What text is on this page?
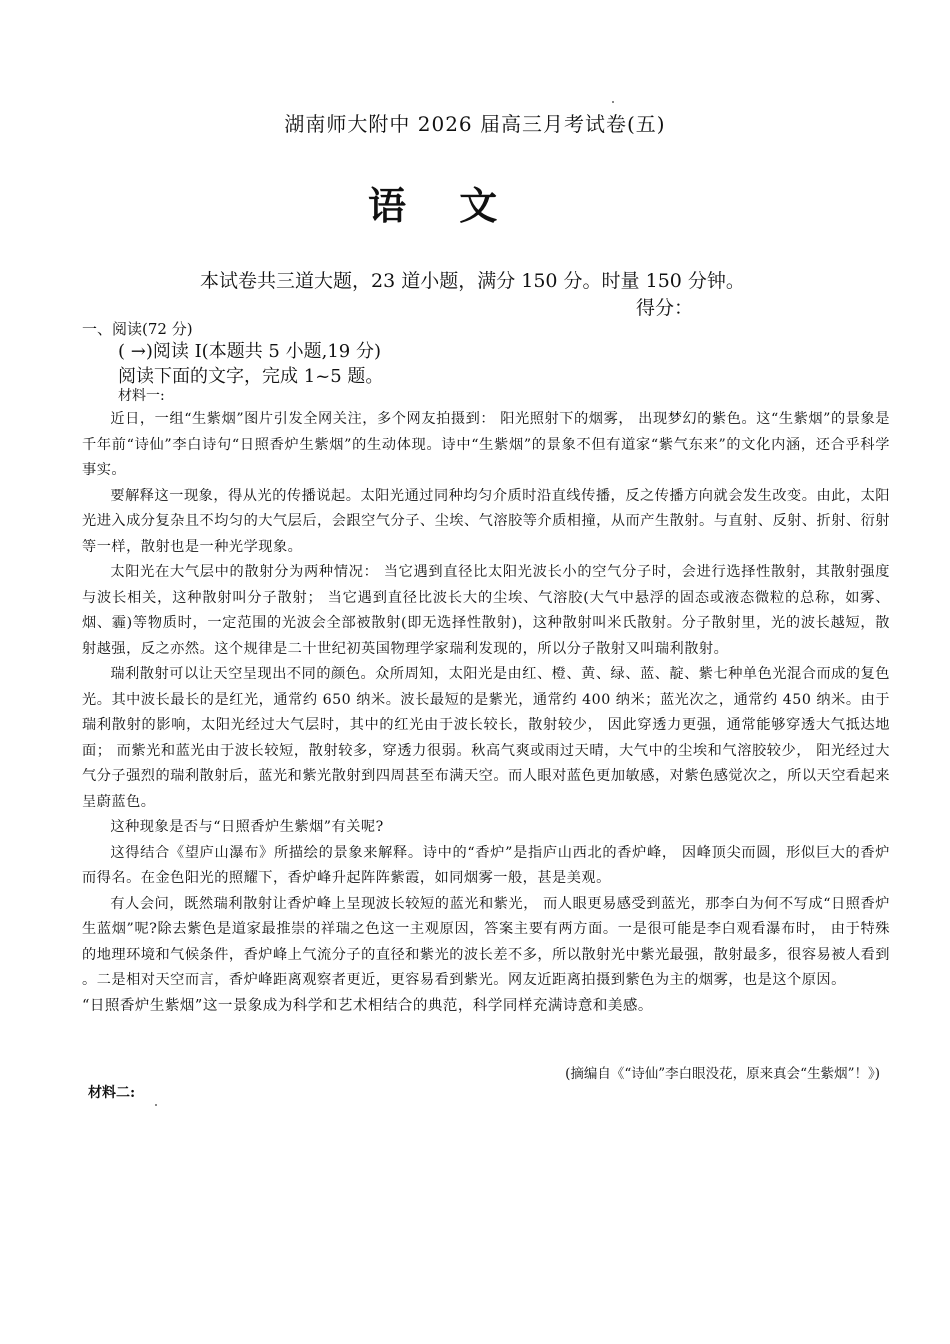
湖南师大附中 2026 届高三月考试卷(五)
语 文
本试卷共三道大题，23 道小题，满分 150 分。时量 150 分钟。
得分：
一、阅读(72 分)
( →)阅读 I(本题共 5 小题,19 分)
阅读下面的文字，完成 1~5 题。
材料一:

近日，一组“生紫烟”图片引发全网关注，多个网友拍摄到： 阳光照射下的烟雾， 出现梦幻的紫色。这“生紫烟”的景象是千年前“诗仙”李白诗句“日照香炉生紫烟”的生动体现。诗中“生紫烟”的景象不但有道家“紫气东来”的文化内涵，还合乎科学事实。

要解释这一现象，得从光的传播说起。太阳光通过同种均匀介质时沿直线传播，反之传播方向就会发生改变。由此，太阳光进入成分复杂且不均匀的大气层后，会跟空气分子、尘埃、气溶胶等介质相撞，从而产生散射。与直射、反射、折射、衍射等一样，散射也是一种光学现象。

太阳光在大气层中的散射分为两种情况： 当它遇到直径比太阳光波长小的空气分子时，会进行选择性散射，其散射强度与波长相关，这种散射叫分子散射； 当它遇到直径比波长大的尘埃、气溶胶(大气中悬浮的固态或液态微粒的总称，如雾、烟、霾)等物质时，一定范围的光波会全部被散射(即无选择性散射)，这种散射叫米氏散射。分子散射里，光的波长越短，散射越强，反之亦然。这个规律是二十世纪初英国物理学家瑞利发现的，所以分子散射又叫瑞利散射。

瑞利散射可以让天空呈现出不同的颜色。众所周知，太阳光是由红、橙、黄、绿、蓝、靛、紫七种单色光混合而成的复色光。其中波长最长的是红光，通常约 650 纳米。波长最短的是紫光，通常约 400 纳米；蓝光次之，通常约 450 纳米。由于瑞利散射的影响，太阳光经过大气层时，其中的红光由于波长较长，散射较少， 因此穿透力更强，通常能够穿透大气抵达地面； 而紫光和蓝光由于波长较短，散射较多，穿透力很弱。秋高气爽或雨过天晴，大气中的尘埃和气溶胶较少， 阳光经过大气分子强烈的瑞利散射后，蓝光和紫光散射到四周甚至布满天空。而人眼对蓝色更加敏感，对紫色感觉次之，所以天空看起来呈蔚蓝色。

这种现象是否与“日照香炉生紫烟”有关呢?

这得结合《望庐山瀑布》所描绘的景象来解释。诗中的“香炉”是指庐山西北的香炉峰， 因峰顶尖而圆，形似巨大的香炉而得名。在金色阳光的照耀下，香炉峰升起阵阵紫霞，如同烟雾一般，甚是美观。

有人会问，既然瑞利散射让香炉峰上呈现波长较短的蓝光和紫光， 而人眼更易感受到蓝光，那李白为何不写成“日照香炉生蓝烟”呢?除去紫色是道家最推崇的祥瑞之色这一主观原因，答案主要有两方面。一是很可能是李白观看瀑布时， 由于特殊的地理环境和气候条件，香炉峰上气流分子的直径和紫光的波长差不多，所以散射光中紫光最强，散射最多，很容易被人看到 。二是相对天空而言，香炉峰距离观察者更近，更容易看到紫光。网友近距离拍摄到紫色为主的烟雾，也是这个原因。

“日照香炉生紫烟”这一景象成为科学和艺术相结合的典范，科学同样充满诗意和美感。

(摘编自《“诗仙”李白眼没花，原来真会“生紫烟”！》)
材料二:
